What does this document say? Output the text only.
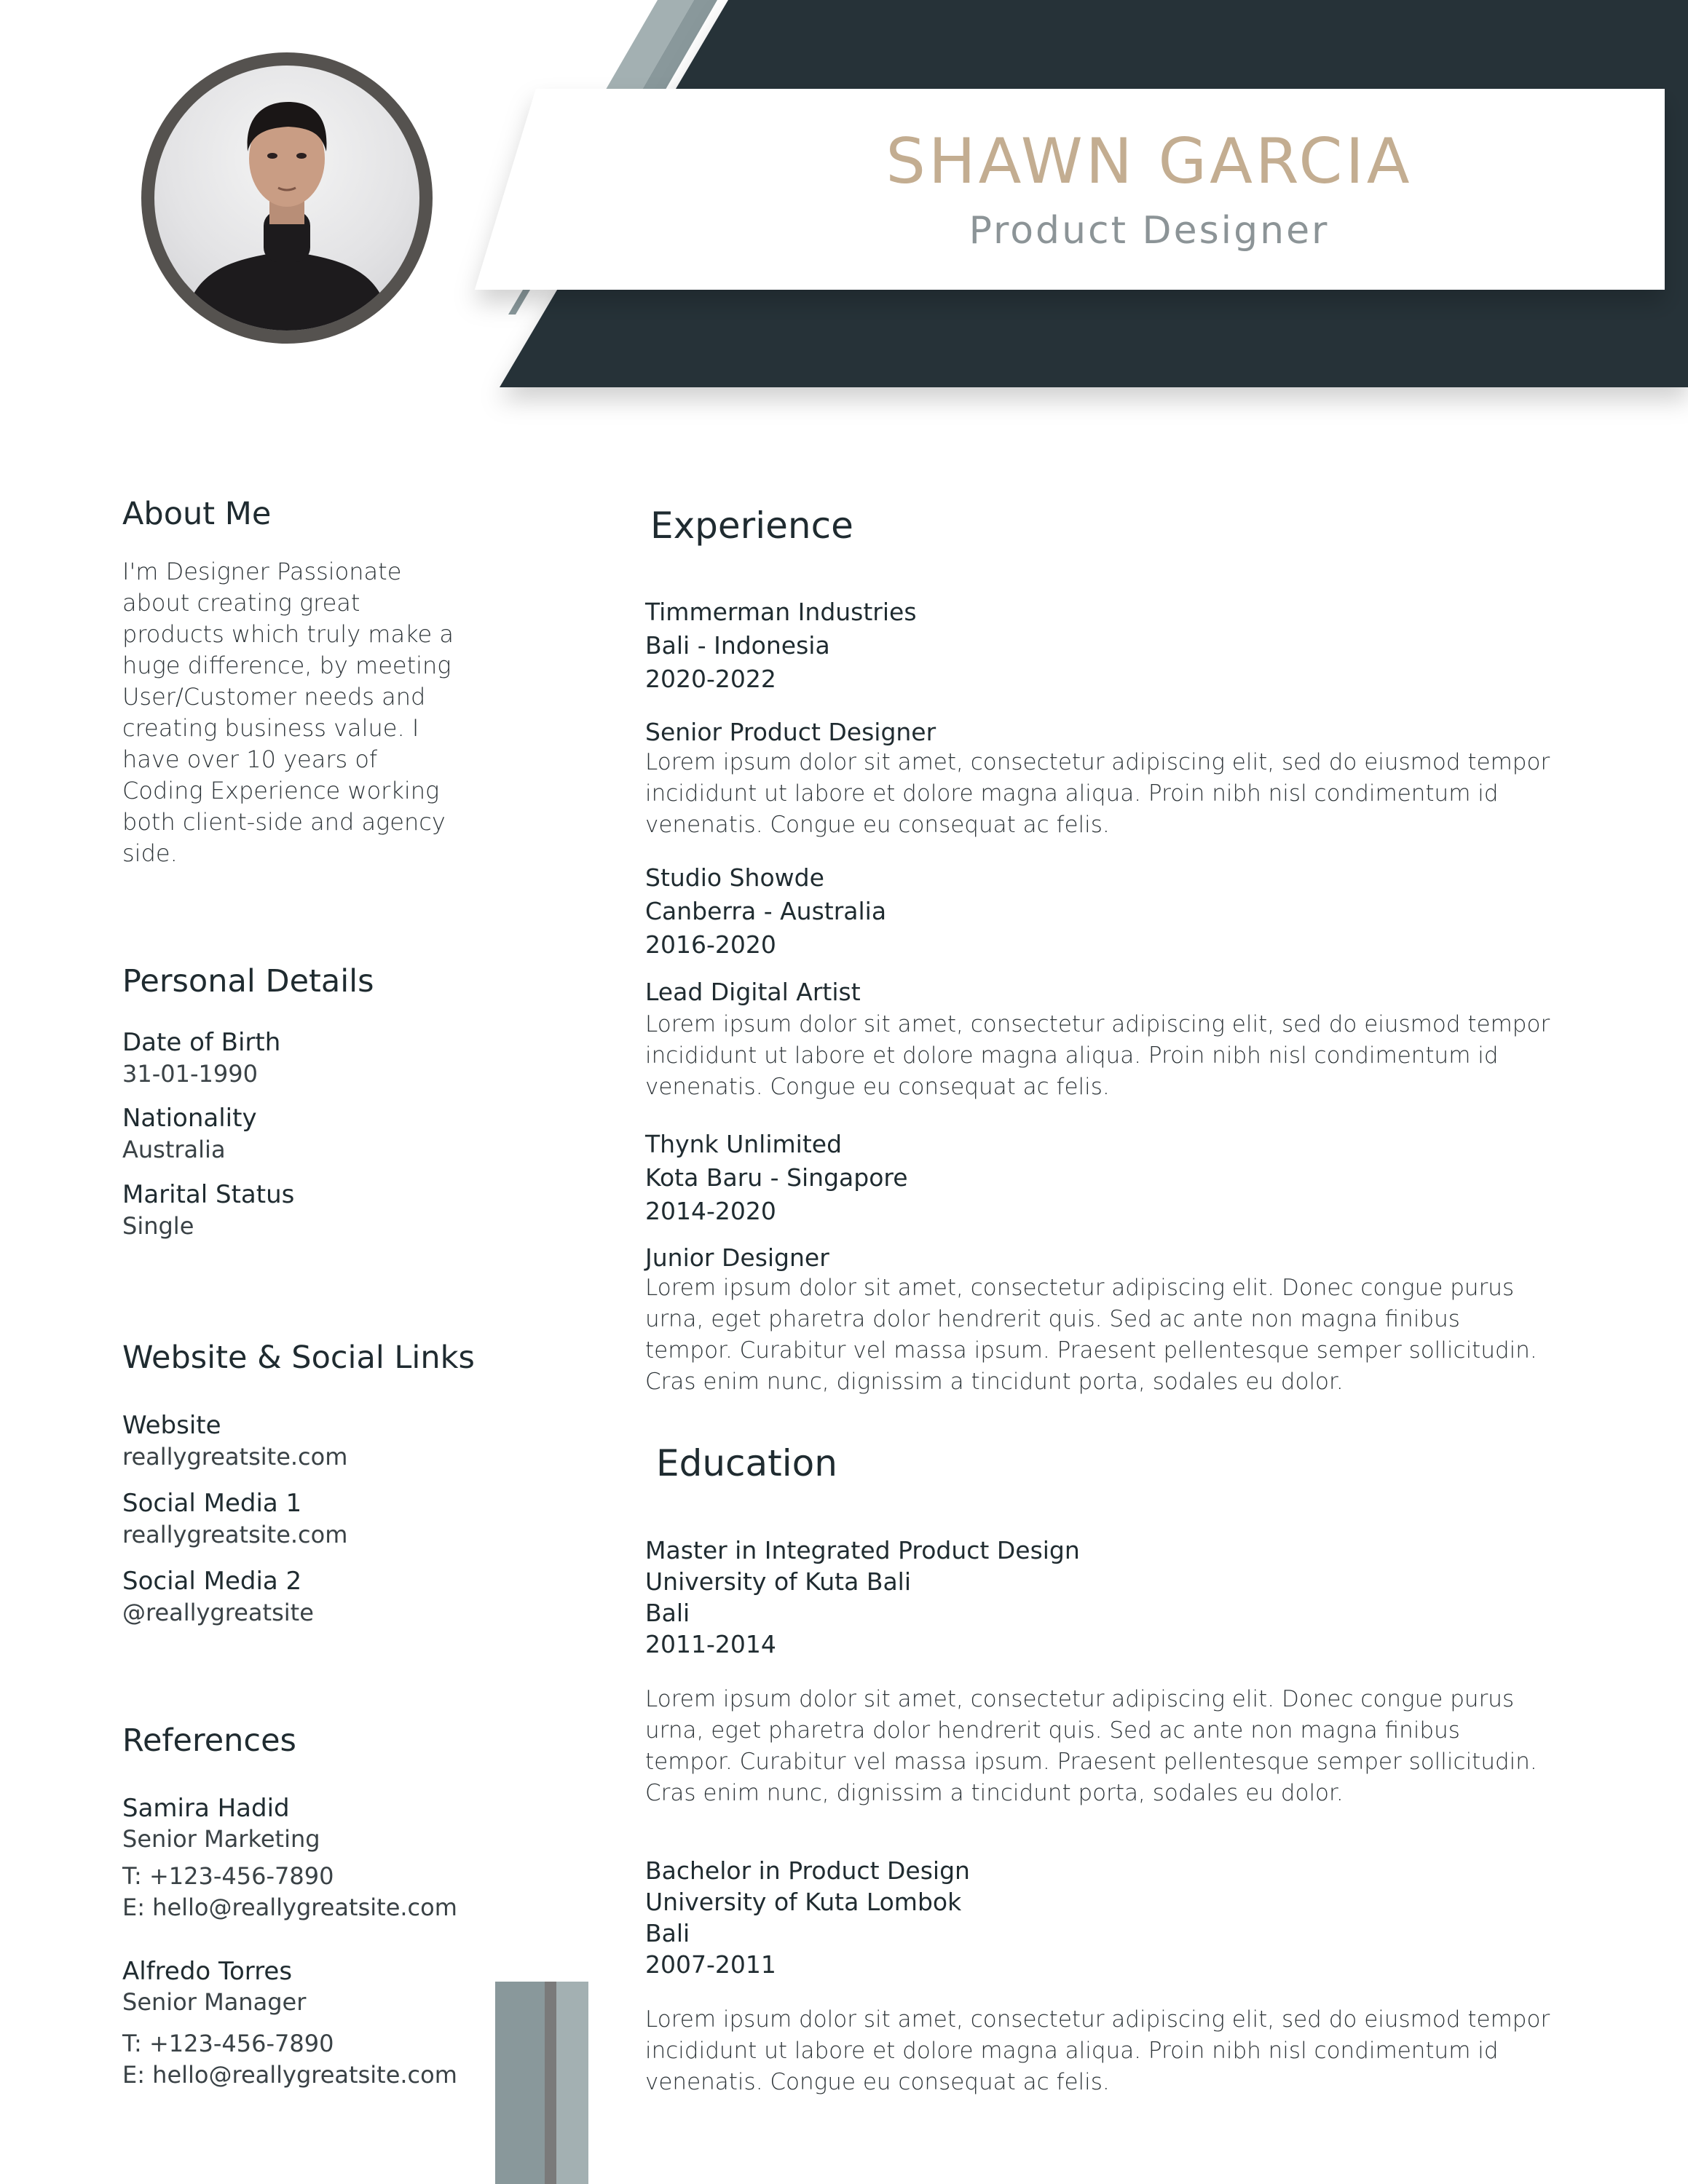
SHAWN GARCIA
Product Designer
About Me
I'm Designer Passionate
about creating great
products which truly make a
huge difference, by meeting
User/Customer needs and
creating business value. I
have over 10 years of
Coding Experience working
both client-side and agency
side.
Personal Details
Date of Birth
31-01-1990
Nationality
Australia
Marital Status
Single
Website & Social Links
Website
reallygreatsite.com
Social Media 1
reallygreatsite.com
Social Media 2
@reallygreatsite
References
Samira Hadid
Senior Marketing
T: +123-456-7890
E: hello@reallygreatsite.com
Alfredo Torres
Senior Manager
T: +123-456-7890
E: hello@reallygreatsite.com
Experience
Timmerman Industries
Bali - Indonesia
2020-2022
Senior Product Designer
Lorem ipsum dolor sit amet, consectetur adipiscing elit, sed do eiusmod tempor
incididunt ut labore et dolore magna aliqua. Proin nibh nisl condimentum id
venenatis. Congue eu consequat ac felis.
Studio Showde
Canberra - Australia
2016-2020
Lead Digital Artist
Lorem ipsum dolor sit amet, consectetur adipiscing elit, sed do eiusmod tempor
incididunt ut labore et dolore magna aliqua. Proin nibh nisl condimentum id
venenatis. Congue eu consequat ac felis.
Thynk Unlimited
Kota Baru - Singapore
2014-2020
Junior Designer
Lorem ipsum dolor sit amet, consectetur adipiscing elit. Donec congue purus
urna, eget pharetra dolor hendrerit quis. Sed ac ante non magna finibus
tempor. Curabitur vel massa ipsum. Praesent pellentesque semper sollicitudin.
Cras enim nunc, dignissim a tincidunt porta, sodales eu dolor.
Education
Master in Integrated Product Design
University of Kuta Bali
Bali
2011-2014
Lorem ipsum dolor sit amet, consectetur adipiscing elit. Donec congue purus
urna, eget pharetra dolor hendrerit quis. Sed ac ante non magna finibus
tempor. Curabitur vel massa ipsum. Praesent pellentesque semper sollicitudin.
Cras enim nunc, dignissim a tincidunt porta, sodales eu dolor.
Bachelor in Product Design
University of Kuta Lombok
Bali
2007-2011
Lorem ipsum dolor sit amet, consectetur adipiscing elit, sed do eiusmod tempor
incididunt ut labore et dolore magna aliqua. Proin nibh nisl condimentum id
venenatis. Congue eu consequat ac felis.
